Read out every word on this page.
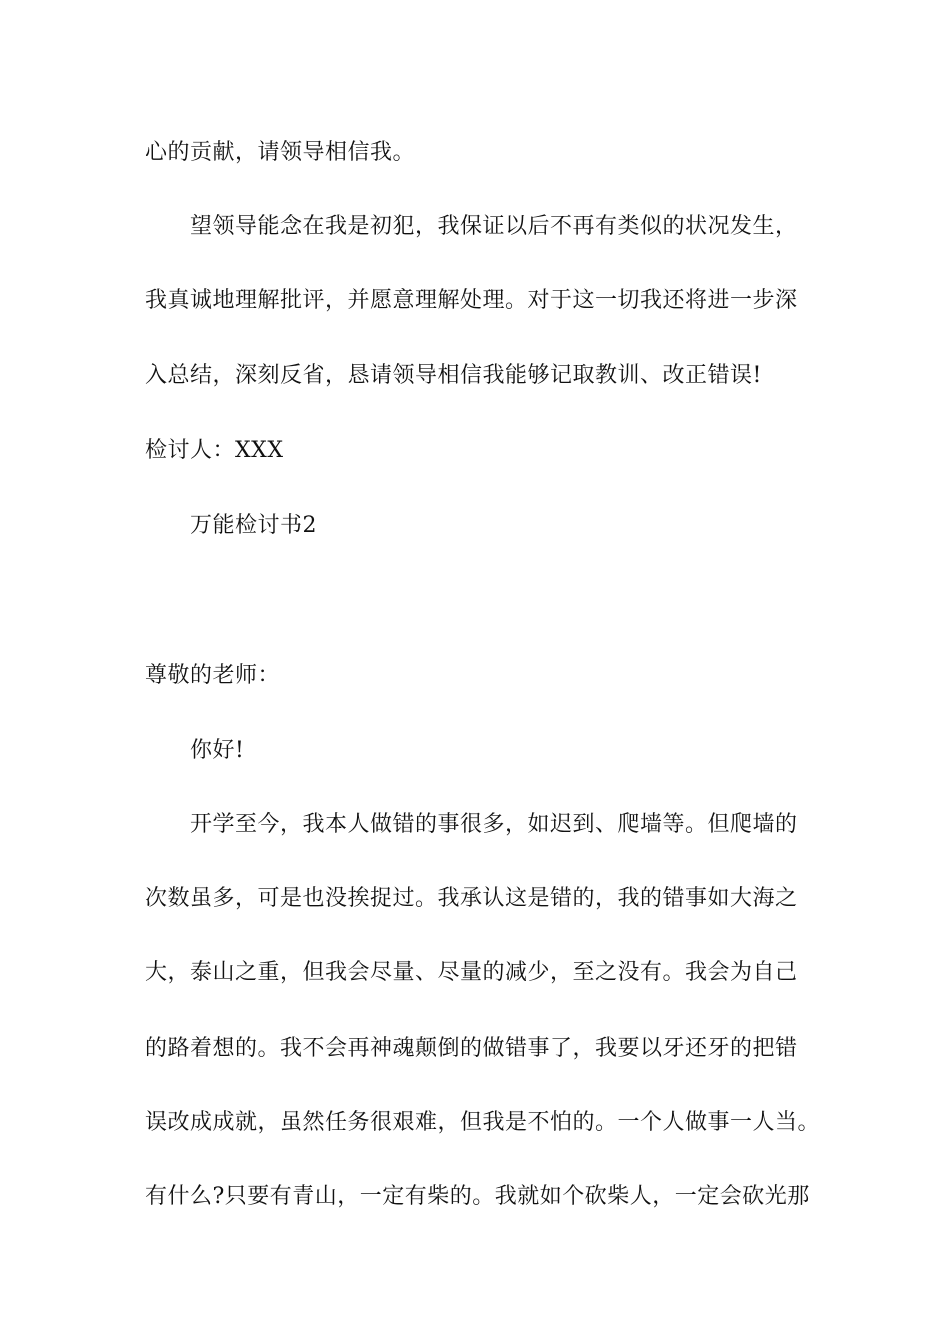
心的贡献，请领导相信我。
望领导能念在我是初犯，我保证以后不再有类似的状况发生，
我真诚地理解批评，并愿意理解处理。对于这一切我还将进一步深
入总结，深刻反省，恳请领导相信我能够记取教训、改正错误!
检讨人：XXX
万能检讨书2
尊敬的老师：
你好!
开学至今，我本人做错的事很多，如迟到、爬墙等。但爬墙的
次数虽多，可是也没挨捉过。我承认这是错的，我的错事如大海之
大，泰山之重，但我会尽量、尽量的减少，至之没有。我会为自己
的路着想的。我不会再神魂颠倒的做错事了，我要以牙还牙的把错
误改成成就，虽然任务很艰难，但我是不怕的。一个人做事一人当。
有什么?只要有青山，一定有柴的。我就如个砍柴人，一定会砍光那
